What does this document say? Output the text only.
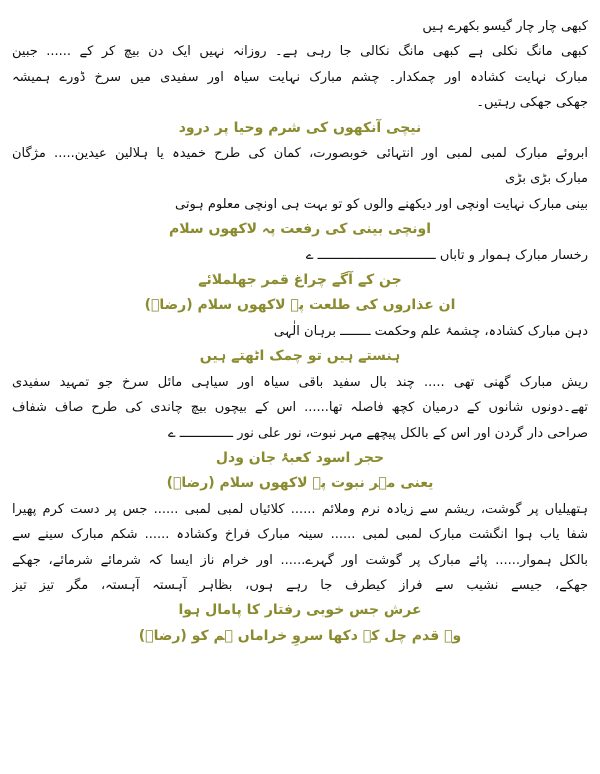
کبھی چار چار گیسو بکھرے ہیں
کبھی مانگ نکلی ہے کبھی مانگ نکالی جا رہی ہے۔ روزانہ نہیں ایک دن بیچ کر کے ...... جبین
مبارک نہایت کشادہ اور چمکدار۔ چشم مبارک نہایت سیاہ اور سفیدی میں سرخ ڈورے ہمیشہ
جھکی جھکی رہتیں۔
نیچی آنکھوں کی شرم وحیا پر درود
ابروئے مبارک لمبی لمبی اور انتہائی خوبصورت، کمان کی طرح خمیدہ یا ہلالین عیدین..... مژگان
مبارک بڑی بڑی
بینی مبارک نہایت اونچی اور دیکھنے والوں کو تو بہت ہی اونچی معلوم ہوتی
اونچی بینی کی رفعت پہ لاکھوں سلام
رخسار مبارک ہموار و تاباں ـــــــــــــــــــــــــــــــ ے
جن کے آگے چراغ قمر جھلملائے
ان عذاروں کی طلعت پہ لاکھوں سلام (رضاؔ)
دہن مبارک کشادہ، چشمۂ علم وحکمت ــــــــ برہان الٰہی
ہنستے ہیں تو چمک اٹھتے ہیں
ریش مبارک گھنی تھی ..... چند بال سفید باقی سیاہ اور سیاہی مائل سرخ جو تمہید سفیدی
تھے۔دونوں شانوں کے درمیان کچھ فاصلہ تھا...... اس کے بیچوں بیچ چاندی کی طرح صاف شفاف
صراحی دار گردن اور اس کے بالکل پیچھے مہر نبوت، نور علی نور ــــــــــــــ ے
حجر اسود کعبۂ جان ودل
یعنی مہر نبوت پہ لاکھوں سلام (رضاؔ)
ہتھیلیاں پر گوشت، ریشم سے زیادہ نرم وملائم ...... کلائیاں لمبی لمبی ...... جس پر دست کرم پھیرا
شفا یاب ہوا انگشت مبارک لمبی لمبی ...... سینہ مبارک فراخ وکشادہ ...... شکم مبارک سینے سے
بالکل ہموار...... پائے مبارک پر گوشت اور گہرے...... اور خرام ناز ایسا کہ شرمائے شرمائے، جھکے
جھکے، جیسے نشیب سے فراز کیطرف جا رہے ہوں، بظاہر آہستہ آہستہ، مگر تیز تیز
عرش جس خوبی رفتار کا پامال ہوا
وہ قدم چل کے دکھا سروِ خراماں ہم کو (رضاؔ)
